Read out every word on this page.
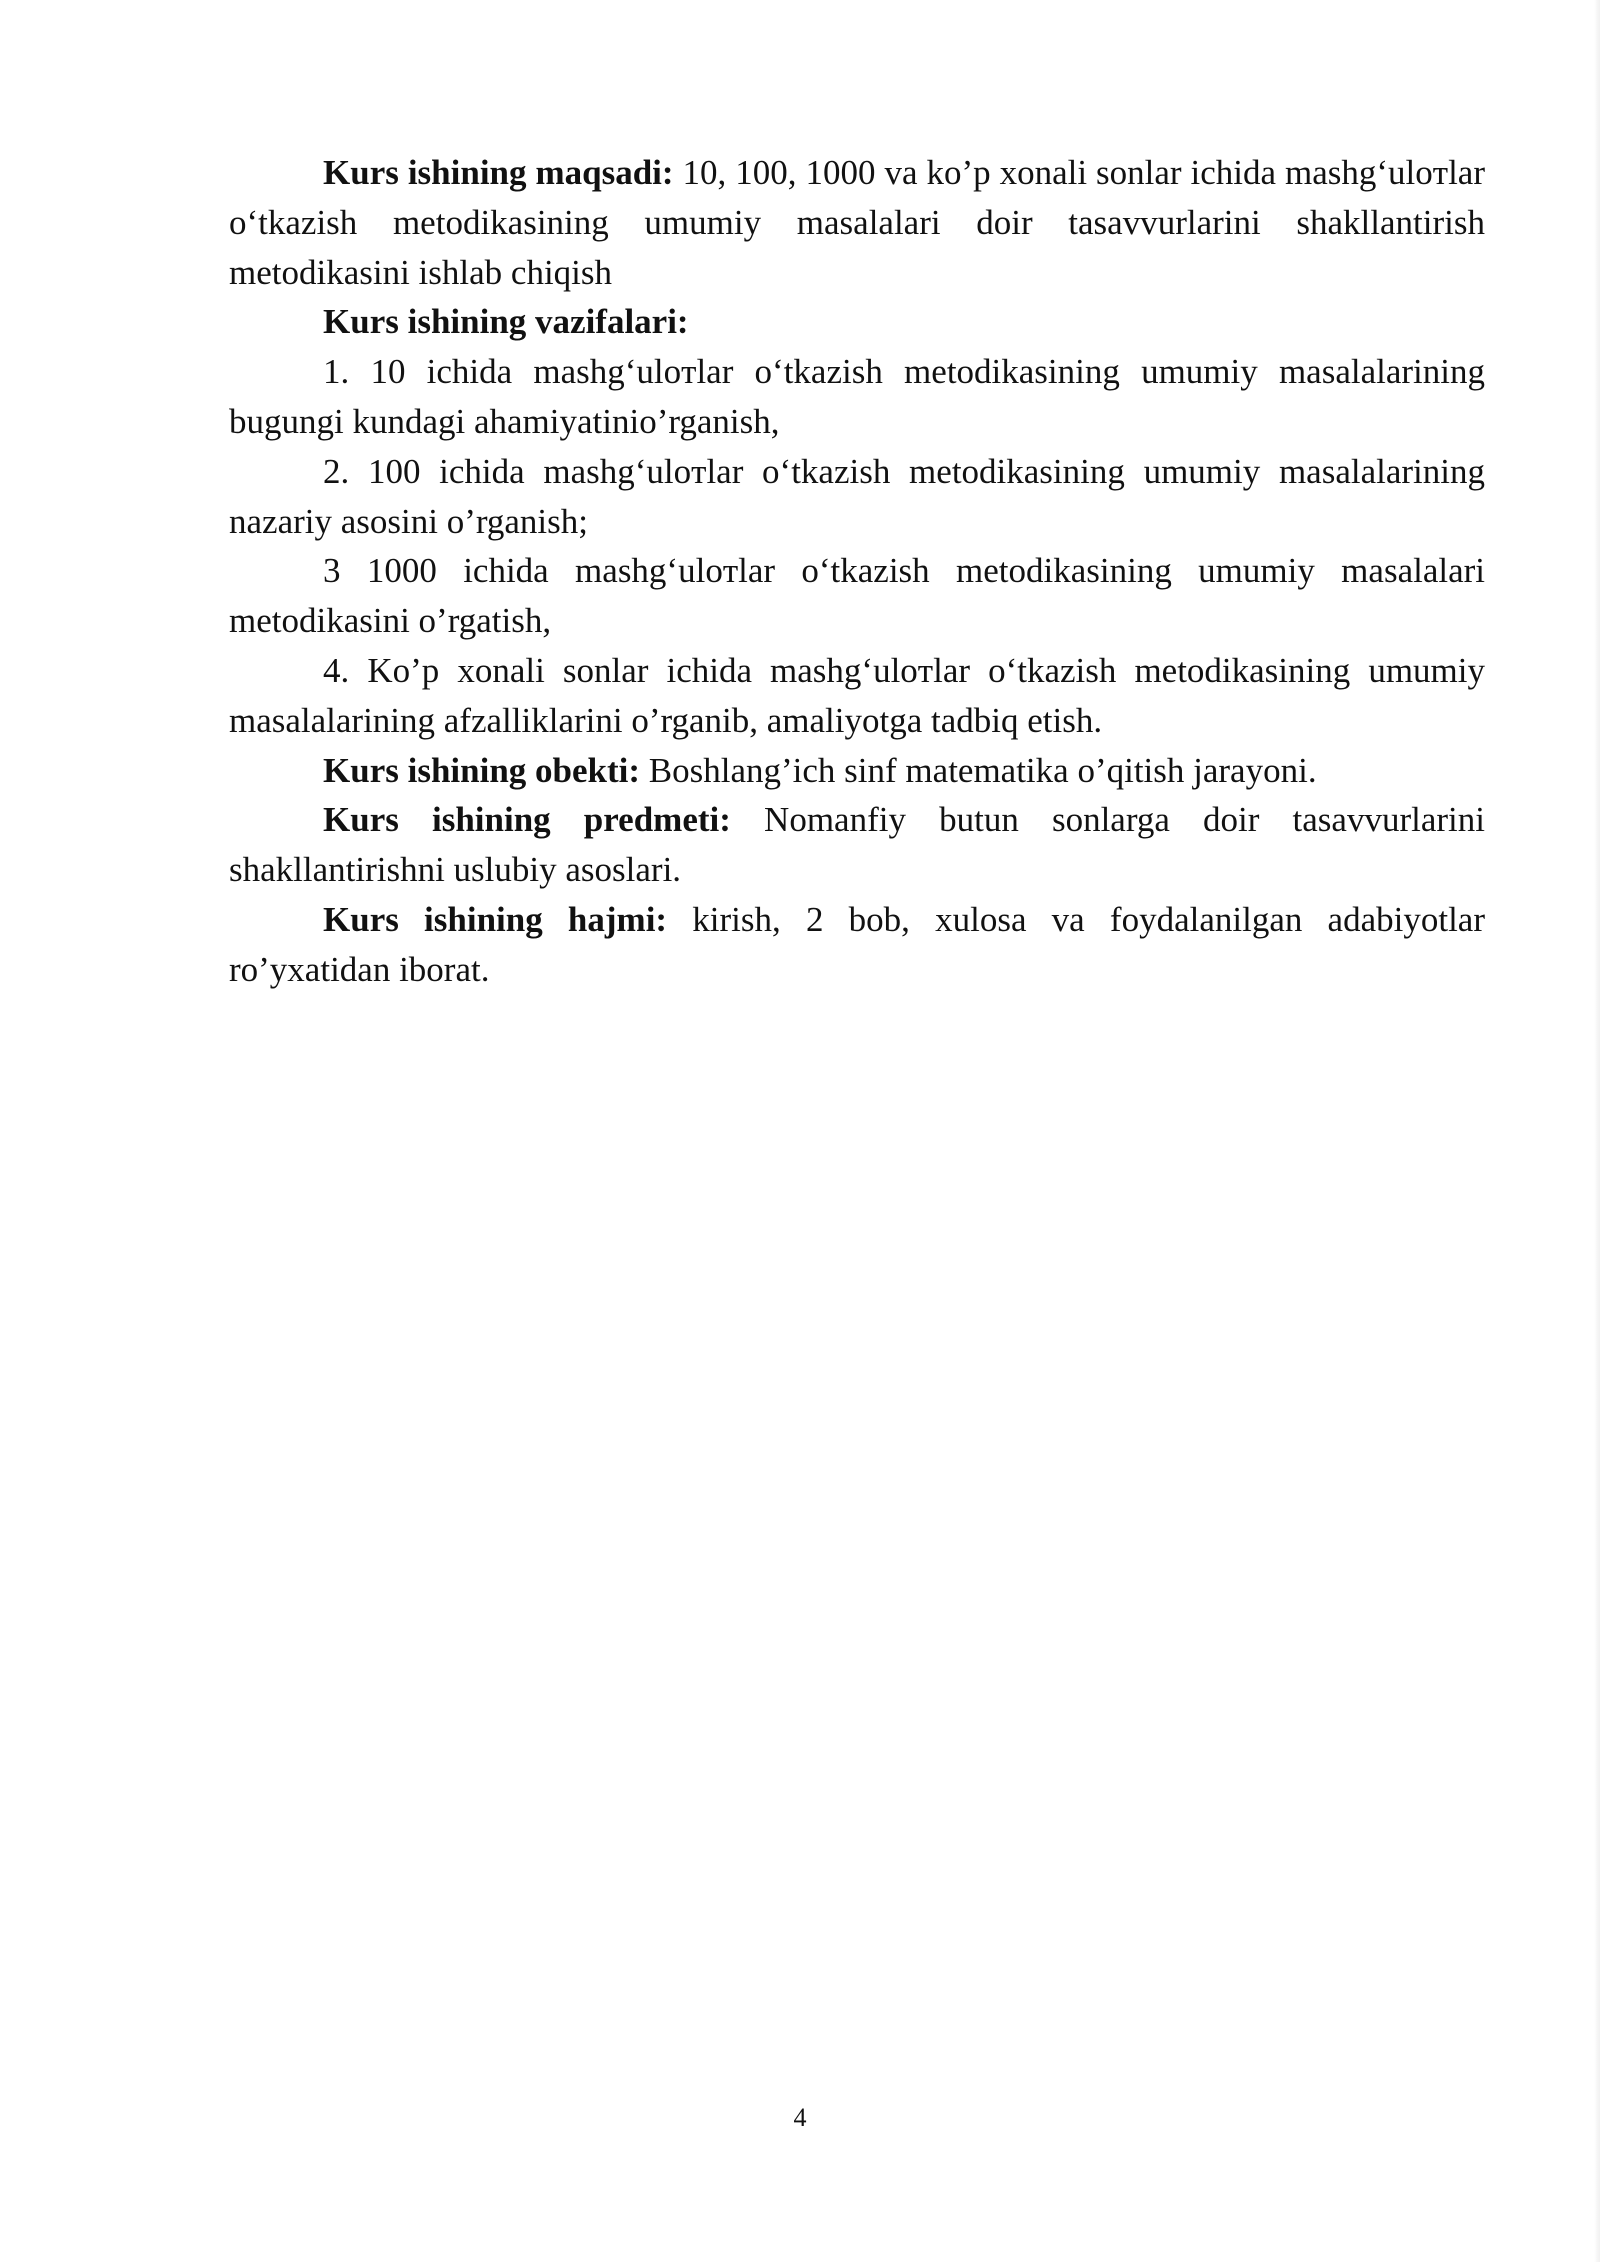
Kurs ishining maqsadi: 10, 100, 1000 va ko’p xonali sonlar ichida mashg‘uloтlar o‘tkazish metodikasining umumiy masalalari doir tasavvurlarini shakllantirish metodikasini ishlab chiqish

Kurs ishining vazifalari:

1. 10 ichida mashg‘uloтlar o‘tkazish metodikasining umumiy masalalarining bugungi kundagi ahamiyatinio’rganish,

2. 100 ichida mashg‘uloтlar o‘tkazish metodikasining umumiy masalalarining nazariy asosini o’rganish;

3 1000 ichida mashg‘uloтlar o‘tkazish metodikasining umumiy masalalari metodikasini o’rgatish,

4. Ko’p xonali sonlar ichida mashg‘uloтlar o‘tkazish metodikasining umumiy masalalarining afzalliklarini o’rganib, amaliyotga tadbiq etish.

Kurs ishining obekti: Boshlang’ich sinf matematika o’qitish jarayoni.

Kurs ishining predmeti: Nomanfiy butun sonlarga doir tasavvurlarini shakllantirishni uslubiy asoslari.

Kurs ishining hajmi: kirish, 2 bob, xulosa va foydalanilgan adabiyotlar ro’yxatidan iborat.

4
